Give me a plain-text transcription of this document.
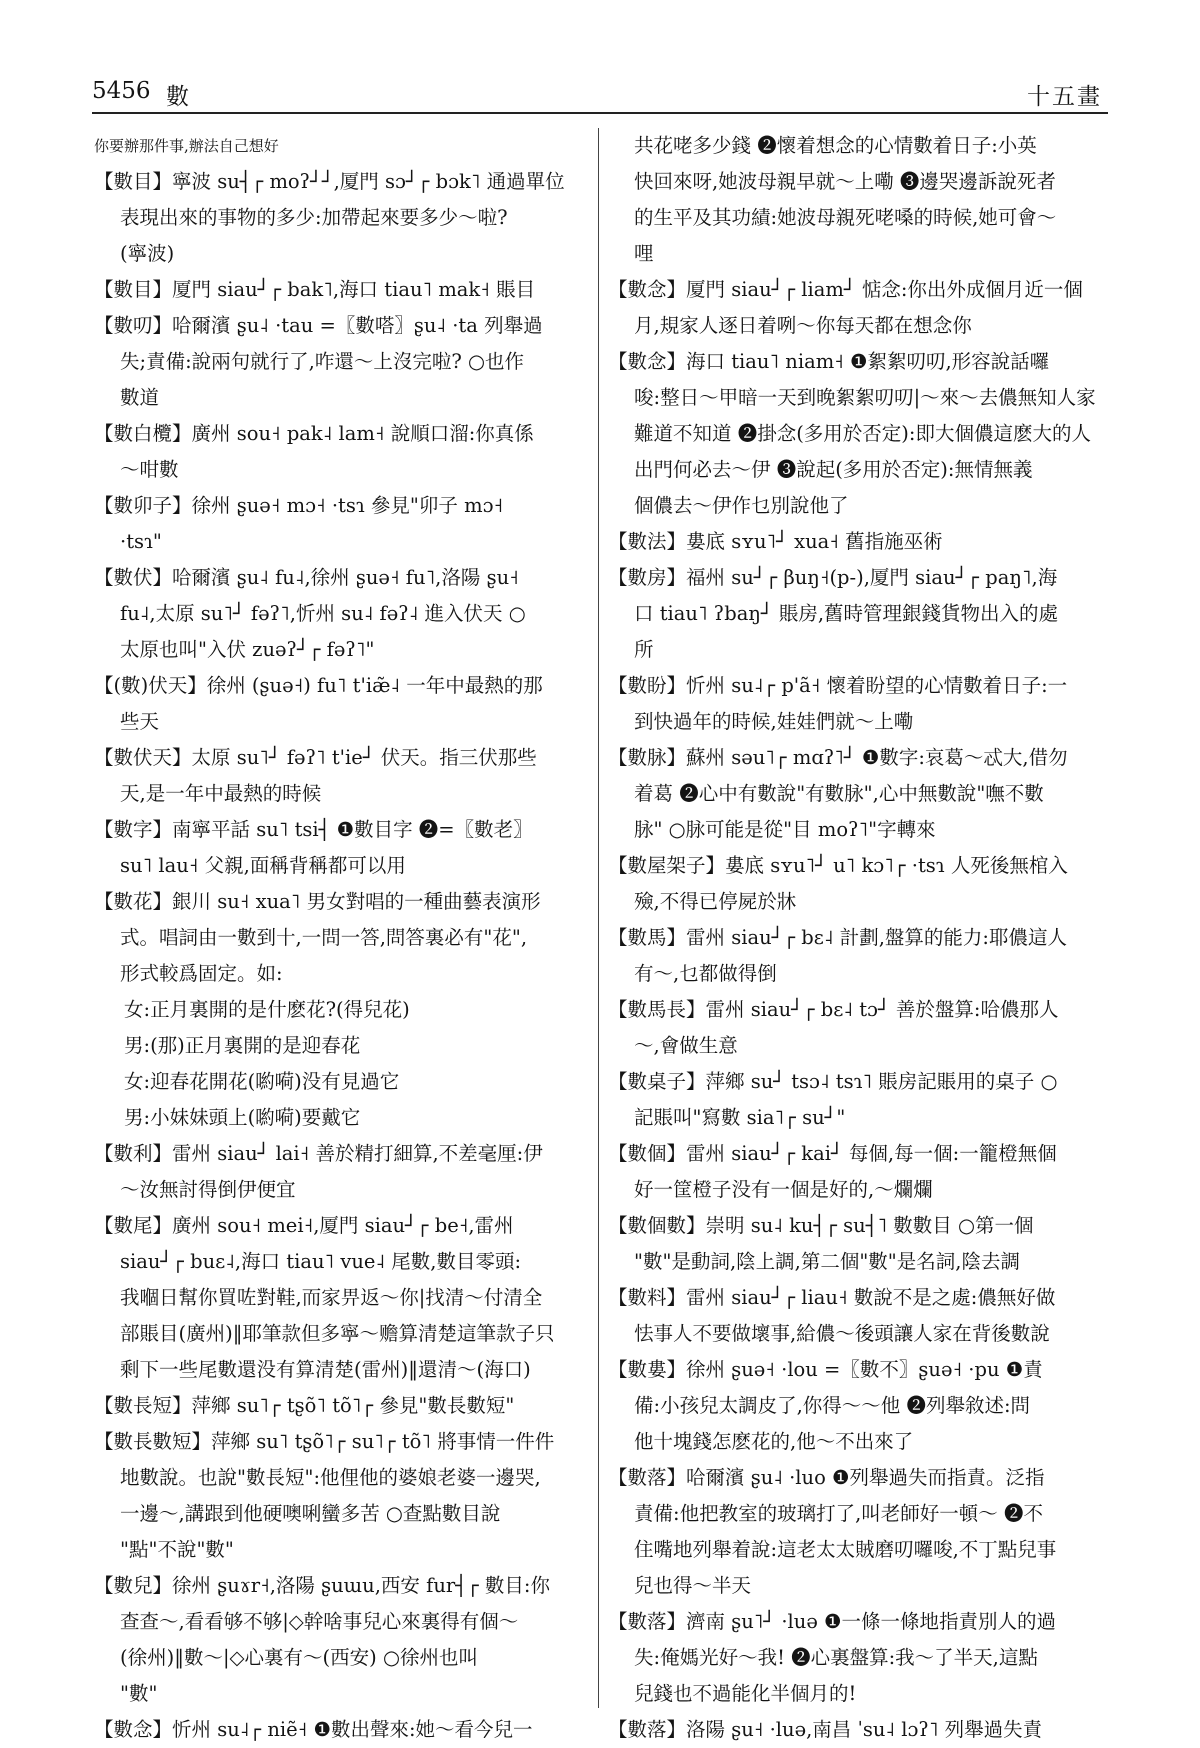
5456 數	十五畫
你要辦那件事,辦法自己想好
【數目】寧波 su┤┌ moʔ┘┘,厦門 sɔ┘┌ bɔk˥ 通過單位
表現出來的事物的多少:加帶起來要多少～啦?
(寧波)
【數目】厦門 siau┘┌ bak˥,海口 tiau˥ mak˧ 賬目
【數叨】哈爾濱 ʂu˨ ·tau =〖數嗒〗ʂu˨ ·ta 列舉過
失;責備:說兩句就行了,咋還～上沒完啦? ○也作
數道
【數白欖】廣州 sou˧ pak˨ lam˧ 說順口溜:你真係
～咁數
【數卯子】徐州 ʂuə˧ mɔ˧ ·tsɿ 參見"卯子 mɔ˧
·tsɿ"
【數伏】哈爾濱 ʂu˨ fu˨,徐州 ʂuə˧ fu˥,洛陽 ʂu˧
fu˨,太原 su˥┘ fəʔ˥,忻州 su˨ fəʔ˨ 進入伏天 ○
太原也叫"入伏 zuəʔ┘┌ fəʔ˥"
【(數)伏天】徐州 (ʂuə˧) fu˥ t'iæ̃˨ 一年中最熱的那
些天
【數伏天】太原 su˥┘ fəʔ˥ t'ie┘ 伏天。指三伏那些
天,是一年中最熱的時候
【數字】南寧平話 su˥ tsi┤ ❶數目字 ❷=〖數老〗
su˥ lau˧ 父親,面稱背稱都可以用
【數花】銀川 su˧ xua˥ 男女對唱的一種曲藝表演形
式。唱詞由一數到十,一問一答,問答裏必有"花",
形式較爲固定。如:
女:正月裏開的是什麽花?(得兒花)
男:(那)正月裏開的是迎春花
女:迎春花開花(喲嗬)没有見過它
男:小妹妹頭上(喲嗬)要戴它
【數利】雷州 siau┘ lai˧ 善於精打細算,不差毫厘:伊
～汝無討得倒伊便宜
【數尾】廣州 sou˧ mei˧,厦門 siau┘┌ be˧,雷州
siau┘┌ buɛ˨,海口 tiau˥ vue˨ 尾數,數目零頭:
我嗰日幫你買咗對鞋,而家畀返～你|找清～付清全
部賬目(廣州)‖耶筆款但多寧～赡算清楚這筆款子只
剩下一些尾數還没有算清楚(雷州)‖還清～(海口)
【數長短】萍鄉 su˥┌ tʂõ˥ tõ˥┌ 參見"數長數短"
【數長數短】萍鄉 su˥ tʂõ˥┌ su˥┌ tõ˥ 將事情一件件
地數說。也說"數長短":他俚他的婆娘老婆一邊哭,
一邊～,講跟到他硬噢唎蠻多苦 ○查點數目說
"點"不說"數"
【數兒】徐州 ʂuɤr˧,洛陽 ʂuɯu,西安 fur┤┌ 數目:你
查查～,看看够不够|◇幹啥事兒心來裏得有個～
(徐州)‖數～|◇心裏有～(西安) ○徐州也叫
"數"
【數念】忻州 su˨┌ niẽ˧ ❶數出聲來:她～看今兒一
共花咾多少錢 ❷懷着想念的心情數着日子:小英
快回來呀,她波母親早就～上嘞 ❸邊哭邊訴說死者
的生平及其功績:她波母親死咾嗓的時候,她可會～
哩
【數念】厦門 siau┘┌ liam┘ 惦念:你出外成個月近一個
月,規家人逐日着咧～你每天都在想念你
【數念】海口 tiau˥ niam˧ ❶絮絮叨叨,形容說話囉
唆:整日～甲暗一天到晚絮絮叨叨|～來～去儂無知人家
難道不知道 ❷掛念(多用於否定):即大個儂這麽大的人
出門何必去～伊 ❸說起(多用於否定):無情無義
個儂去～伊作乜別說他了
【數法】婁底 sʏu˥┘ xua˧ 舊指施巫術
【數房】福州 su┘┌ βuŋ˧(p-),厦門 siau┘┌ paŋ˥,海
口 tiau˥ ʔbaŋ┘ 賬房,舊時管理銀錢貨物出入的處
所
【數盼】忻州 su˨┌ p'ã˧ 懷着盼望的心情數着日子:一
到快過年的時候,娃娃們就～上嘞
【數脉】蘇州 səu˥┌ mɑʔ˥┘ ❶數字:哀葛～忒大,借勿
着葛 ❷心中有數說"有數脉",心中無數說"嘸不數
脉" ○脉可能是從"目 moʔ˥"字轉來
【數屋架子】婁底 sʏu˥┘ u˥ kɔ˥┌ ·tsɿ 人死後無棺入
殮,不得已停屍於牀
【數馬】雷州 siau┘┌ bɛ˨ 計劃,盤算的能力:耶儂這人
有～,乜都做得倒
【數馬長】雷州 siau┘┌ bɛ˨ tɔ┘ 善於盤算:哈儂那人
～,會做生意
【數桌子】萍鄉 su┘ tsɔ˨ tsɿ˥ 賬房記賬用的桌子 ○
記賬叫"寫數 sia˥┌ su┘"
【數個】雷州 siau┘┌ kai┘ 每個,每一個:一籠橙無個
好一筐橙子没有一個是好的,～爛爛
【數個數】崇明 su˨ ku┤┌ su┤˥ 數數目 ○第一個
"數"是動詞,陰上調,第二個"數"是名詞,陰去調
【數料】雷州 siau┘┌ liau˧ 數說不是之處:儂無好做
怯事人不要做壞事,給儂～後頭讓人家在背後數說
【數婁】徐州 ʂuə˧ ·lou =〖數不〗ʂuə˧ ·pu ❶責
備:小孩兒太調皮了,你得～～他 ❷列舉敘述:問
他十塊錢怎麽花的,他～不出來了
【數落】哈爾濱 ʂu˨ ·luo ❶列舉過失而指責。泛指
責備:他把教室的玻璃打了,叫老師好一頓～ ❷不
住嘴地列舉着說:這老太太賊磨叨囉唆,不丁點兒事
兒也得～半天
【數落】濟南 ʂu˥┘ ·luə ❶一條一條地指責別人的過
失:俺媽光好～我! ❷心裏盤算:我～了半天,這點
兒錢也不過能化半個月的!
【數落】洛陽 ʂu˧ ·luə,南昌 ˈsu˨ lɔʔ˥ 列舉過失責
